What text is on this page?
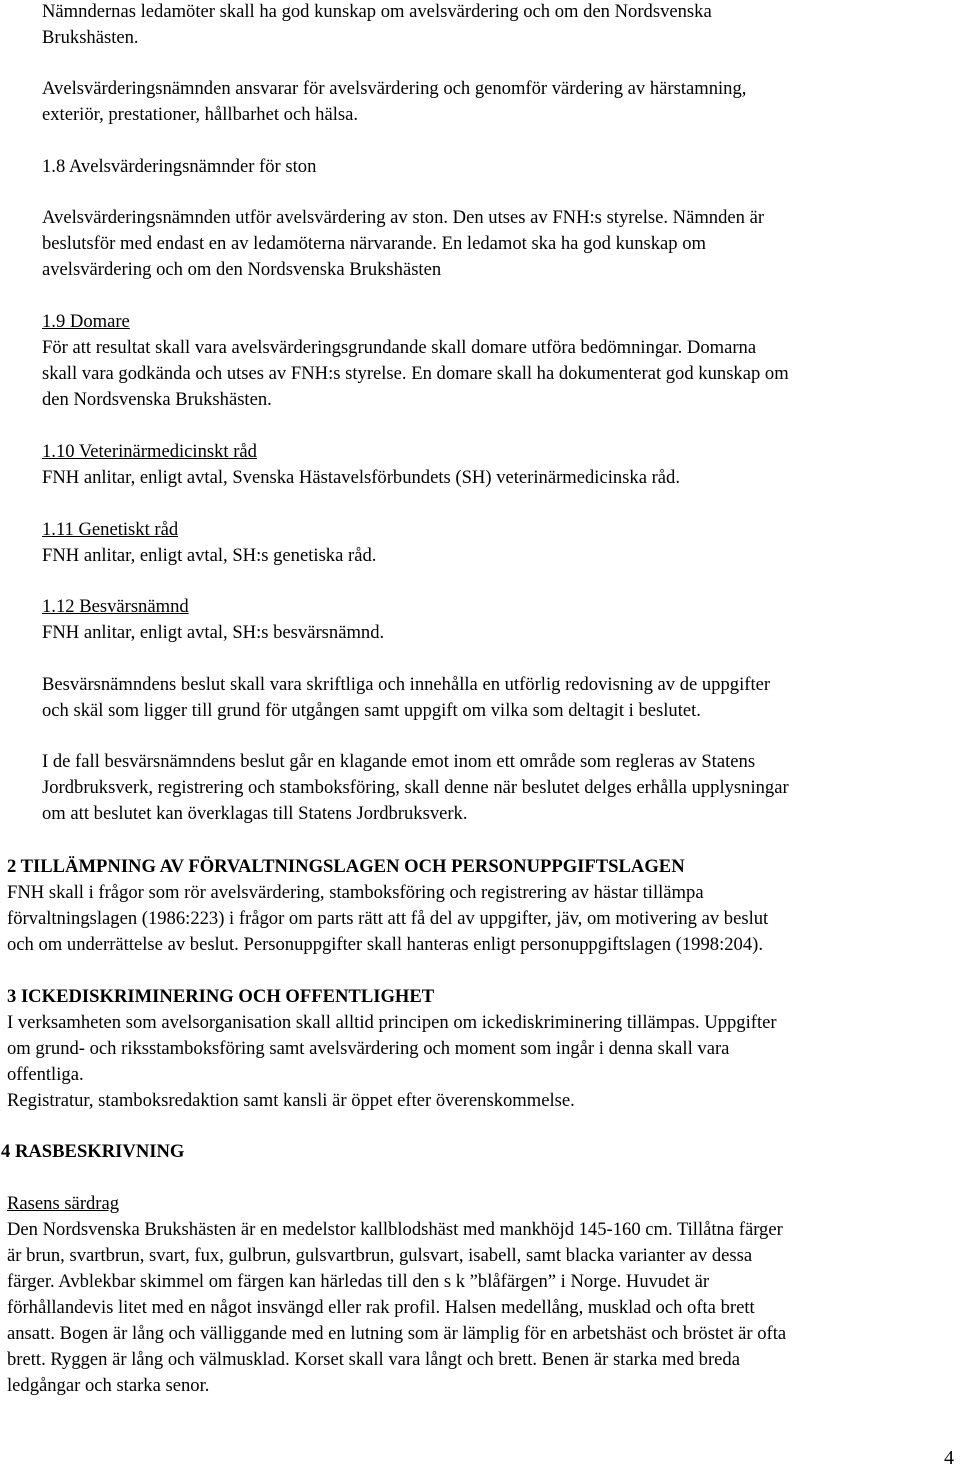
Nämndernas ledamöter skall ha god kunskap om avelsvärdering och om den Nordsvenska

Brukshästen.

Avelsvärderingsnämnden ansvarar för avelsvärdering och genomför värdering av härstamning,

exteriör, prestationer, hållbarhet och hälsa.

1.8 Avelsvärderingsnämnder för ston

Avelsvärderingsnämnden utför avelsvärdering av ston. Den utses av FNH:s styrelse. Nämnden är

beslutsför med endast en av ledamöterna närvarande. En ledamot ska ha god kunskap om

avelsvärdering och om den Nordsvenska Brukshästen

1.9 Domare

För att resultat skall vara avelsvärderingsgrundande skall domare utföra bedömningar. Domarna

skall vara godkända och utses av FNH:s styrelse. En domare skall ha dokumenterat god kunskap om

den Nordsvenska Brukshästen.

1.10 Veterinärmedicinskt råd

FNH anlitar, enligt avtal, Svenska Hästavelsförbundets (SH) veterinärmedicinska råd.

1.11 Genetiskt råd

FNH anlitar, enligt avtal, SH:s genetiska råd.

1.12 Besvärsnämnd

FNH anlitar, enligt avtal, SH:s besvärsnämnd.

Besvärsnämndens beslut skall vara skriftliga och innehålla en utförlig redovisning av de uppgifter

och skäl som ligger till grund för utgången samt uppgift om vilka som deltagit i beslutet.

I de fall besvärsnämndens beslut går en klagande emot inom ett område som regleras av Statens

Jordbruksverk, registrering och stamboksföring, skall denne när beslutet delges erhålla upplysningar

om att beslutet kan överklagas till Statens Jordbruksverk.

2 TILLÄMPNING AV FÖRVALTNINGSLAGEN OCH PERSONUPPGIFTSLAGEN

FNH skall i frågor som rör avelsvärdering, stamboksföring och registrering av hästar tillämpa

förvaltningslagen (1986:223) i frågor om parts rätt att få del av uppgifter, jäv, om motivering av beslut

och om underrättelse av beslut. Personuppgifter skall hanteras enligt personuppgiftslagen (1998:204).

3 ICKEDISKRIMINERING OCH OFFENTLIGHET

I verksamheten som avelsorganisation skall alltid principen om ickediskriminering tillämpas. Uppgifter

om grund- och riksstamboksföring samt avelsvärdering och moment som ingår i denna skall vara

offentliga.

Registratur, stamboksredaktion samt kansli är öppet efter överenskommelse.

4 RASBESKRIVNING

Rasens särdrag

Den Nordsvenska Brukshästen är en medelstor kallblodshäst med mankhöjd 145-160 cm. Tillåtna färger

är brun, svartbrun, svart, fux, gulbrun, gulsvartbrun, gulsvart, isabell, samt blacka varianter av dessa

färger. Avblekbar skimmel om färgen kan härledas till den s k ”blåfärgen” i Norge. Huvudet är

förhållandevis litet med en något insvängd eller rak profil. Halsen medellång, musklad och ofta brett

ansatt. Bogen är lång och välliggande med en lutning som är lämplig för en arbetshäst och bröstet är ofta

brett. Ryggen är lång och välmusklad. Korset skall vara långt och brett. Benen är starka med breda

ledgångar och starka senor.

4
